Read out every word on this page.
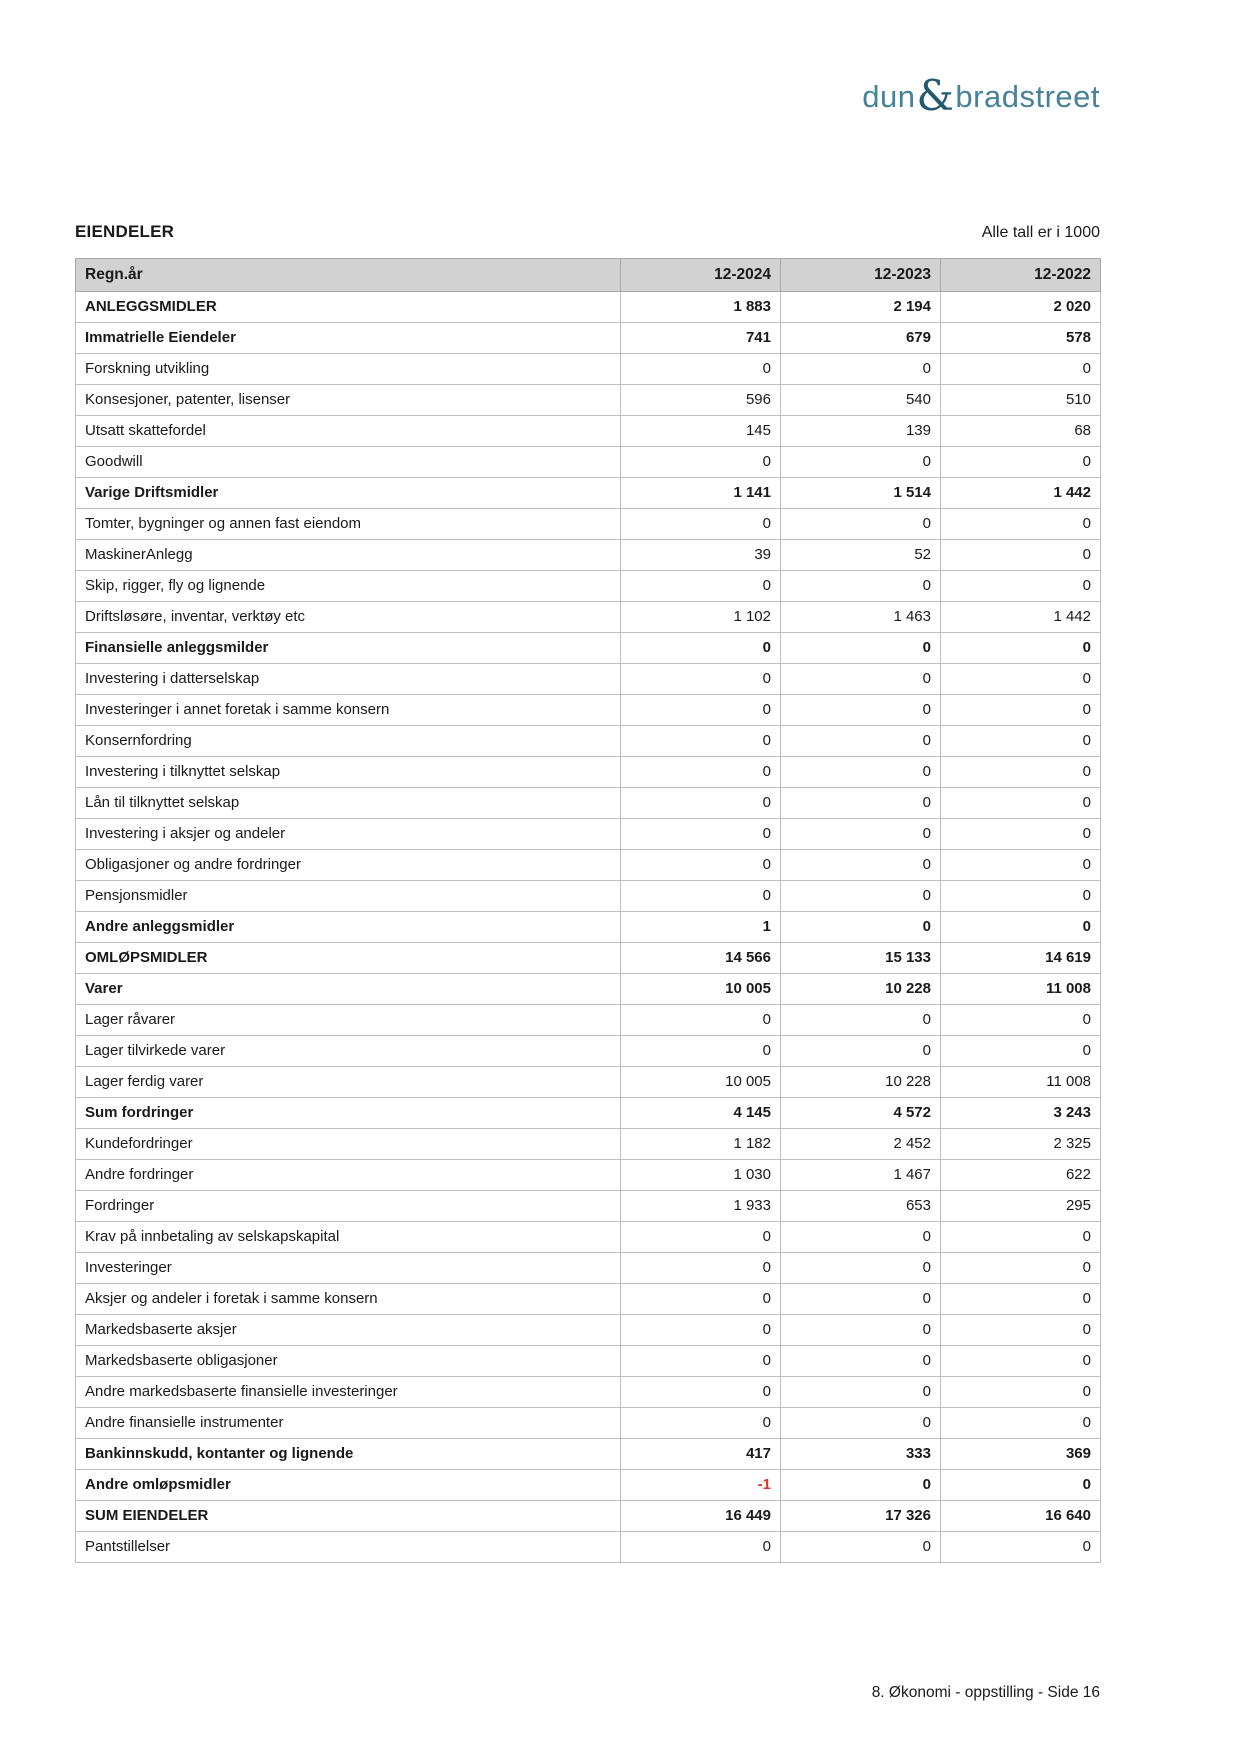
dun & bradstreet
EIENDELER	Alle tall er i 1000
Regn.år	12-2024	12-2023	12-2022
ANLEGGSMIDLER	1 883	2 194	2 020
Immatrielle Eiendeler	741	679	578
Forskning utvikling	0	0	0
Konsesjoner, patenter, lisenser	596	540	510
Utsatt skattefordel	145	139	68
Goodwill	0	0	0
Varige Driftsmidler	1 141	1 514	1 442
Tomter, bygninger og annen fast eiendom	0	0	0
MaskinerAnlegg	39	52	0
Skip, rigger, fly og lignende	0	0	0
Driftsløsøre, inventar, verktøy etc	1 102	1 463	1 442
Finansielle anleggsmilder	0	0	0
Investering i datterselskap	0	0	0
Investeringer i annet foretak i samme konsern	0	0	0
Konsernfordring	0	0	0
Investering i tilknyttet selskap	0	0	0
Lån til tilknyttet selskap	0	0	0
Investering i aksjer og andeler	0	0	0
Obligasjoner og andre fordringer	0	0	0
Pensjonsmidler	0	0	0
Andre anleggsmidler	1	0	0
OMLØPSMIDLER	14 566	15 133	14 619
Varer	10 005	10 228	11 008
Lager råvarer	0	0	0
Lager tilvirkede varer	0	0	0
Lager ferdig varer	10 005	10 228	11 008
Sum fordringer	4 145	4 572	3 243
Kundefordringer	1 182	2 452	2 325
Andre fordringer	1 030	1 467	622
Fordringer	1 933	653	295
Krav på innbetaling av selskapskapital	0	0	0
Investeringer	0	0	0
Aksjer og andeler i foretak i samme konsern	0	0	0
Markedsbaserte aksjer	0	0	0
Markedsbaserte obligasjoner	0	0	0
Andre markedsbaserte finansielle investeringer	0	0	0
Andre finansielle instrumenter	0	0	0
Bankinnskudd, kontanter og lignende	417	333	369
Andre omløpsmidler	-1	0	0
SUM EIENDELER	16 449	17 326	16 640
Pantstillelser	0	0	0
8. Økonomi - oppstilling - Side 16
